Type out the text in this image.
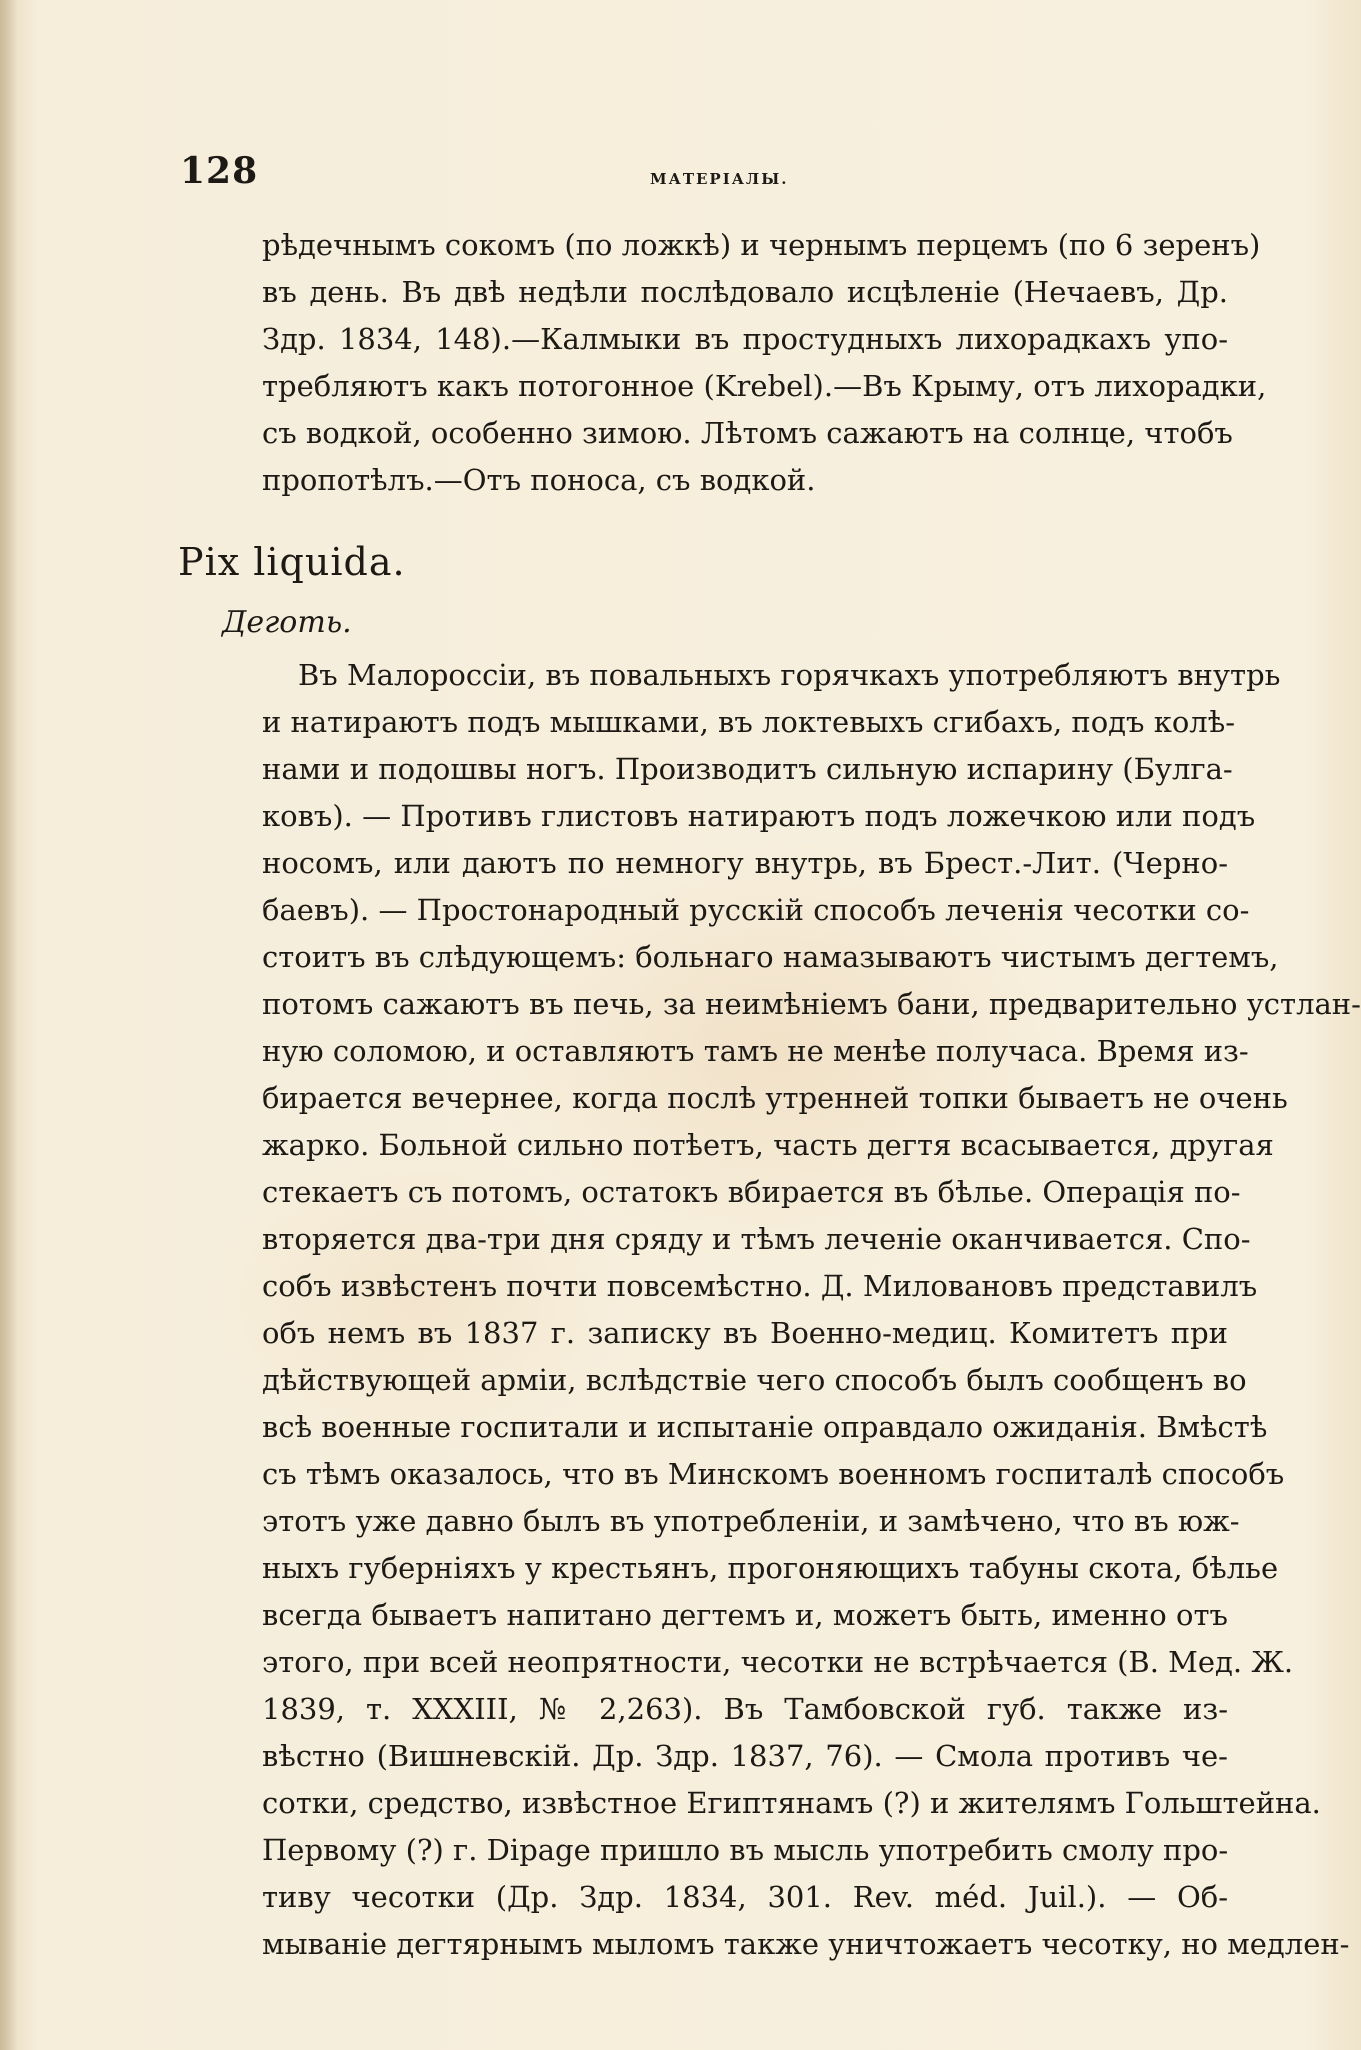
128	МАТЕРІАЛЫ.
рѣдечнымъ сокомъ (по ложкѣ) и чернымъ перцемъ (по 6 зеренъ)
въ день. Въ двѣ недѣли послѣдовало исцѣленіе (Нечаевъ, Др.
Здр. 1834, 148).—Калмыки въ простудныхъ лихорадкахъ упо-
требляютъ какъ потогонное (Krebel).—Въ Крыму, отъ лихорадки,
съ водкой, особенно зимою. Лѣтомъ сажаютъ на солнце, чтобъ
пропотѣлъ.—Отъ поноса, съ водкой.
Pix liquida.
Деготь.
Въ Малороссіи, въ повальныхъ горячкахъ употребляютъ внутрь
и натираютъ подъ мышками, въ локтевыхъ сгибахъ, подъ колѣ-
нами и подошвы ногъ. Производитъ сильную испарину (Булга-
ковъ). — Противъ глистовъ натираютъ подъ ложечкою или подъ
носомъ, или даютъ по немногу внутрь, въ Брест.-Лит. (Черно-
баевъ). — Простонародный русскій способъ леченія чесотки со-
стоитъ въ слѣдующемъ: больнаго намазываютъ чистымъ дегтемъ,
потомъ сажаютъ въ печь, за неимѣніемъ бани, предварительно устлан-
ную соломою, и оставляютъ тамъ не менѣе получаса. Время из-
бирается вечернее, когда послѣ утренней топки бываетъ не очень
жарко. Больной сильно потѣетъ, часть дегтя всасывается, другая
стекаетъ съ потомъ, остатокъ вбирается въ бѣлье. Операція по-
вторяется два-три дня сряду и тѣмъ леченіе оканчивается. Спо-
собъ извѣстенъ почти повсемѣстно. Д. Миловановъ представилъ
объ немъ въ 1837 г. записку въ Военно-медиц. Комитетъ при
дѣйствующей арміи, вслѣдствіе чего способъ былъ сообщенъ во
всѣ военные госпитали и испытаніе оправдало ожиданія. Вмѣстѣ
съ тѣмъ оказалось, что въ Минскомъ военномъ госпиталѣ способъ
этотъ уже давно былъ въ употребленіи, и замѣчено, что въ юж-
ныхъ губерніяхъ у крестьянъ, прогоняющихъ табуны скота, бѣлье
всегда бываетъ напитано дегтемъ и, можетъ быть, именно отъ
этого, при всей неопрятности, чесотки не встрѣчается (В. Мед. Ж.
1839, т. XXXIII, № 2,263). Въ Тамбовской губ. также из-
вѣстно (Вишневскій. Др. Здр. 1837, 76). — Смола противъ че-
сотки, средство, извѣстное Египтянамъ (?) и жителямъ Гольштейна.
Первому (?) г. Dipage пришло въ мысль употребить смолу про-
тиву чесотки (Др. Здр. 1834, 301. Rev. méd. Juil.). — Об-
мываніе дегтярнымъ мыломъ также уничтожаетъ чесотку, но медлен-
